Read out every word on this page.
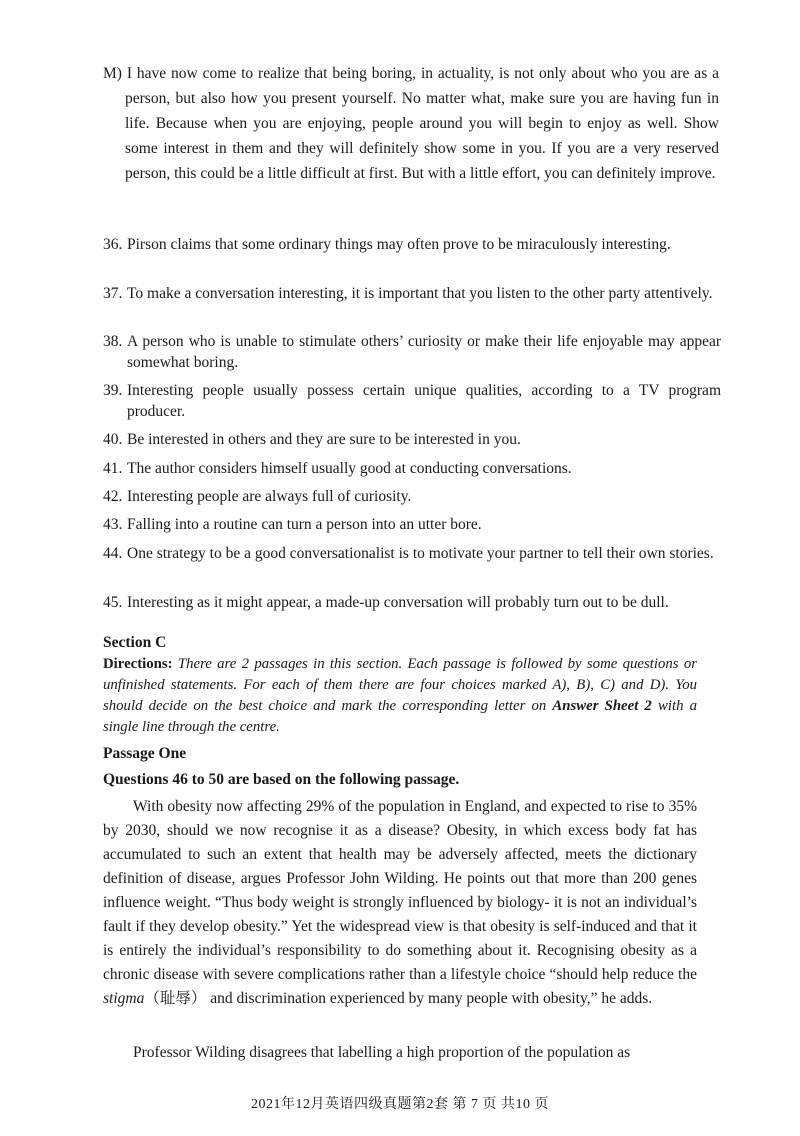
M) I have now come to realize that being boring, in actuality, is not only about who you are as a person, but also how you present yourself. No matter what, make sure you are having fun in life. Because when you are enjoying, people around you will begin to enjoy as well. Show some interest in them and they will definitely show some in you. If you are a very reserved person, this could be a little difficult at first. But with a little effort, you can definitely improve.
36. Pirson claims that some ordinary things may often prove to be miraculously interesting.
37. To make a conversation interesting, it is important that you listen to the other party attentively.
38. A person who is unable to stimulate others’ curiosity or make their life enjoyable may appear somewhat boring.
39. Interesting people usually possess certain unique qualities, according to a TV program producer.
40. Be interested in others and they are sure to be interested in you.
41. The author considers himself usually good at conducting conversations.
42. Interesting people are always full of curiosity.
43. Falling into a routine can turn a person into an utter bore.
44. One strategy to be a good conversationalist is to motivate your partner to tell their own stories.
45. Interesting as it might appear, a made-up conversation will probably turn out to be dull.
Section C
Directions: There are 2 passages in this section. Each passage is followed by some questions or unfinished statements. For each of them there are four choices marked A), B), C) and D). You should decide on the best choice and mark the corresponding letter on Answer Sheet 2 with a single line through the centre.
Passage One
Questions 46 to 50 are based on the following passage.
With obesity now affecting 29% of the population in England, and expected to rise to 35% by 2030, should we now recognise it as a disease? Obesity, in which excess body fat has accumulated to such an extent that health may be adversely affected, meets the dictionary definition of disease, argues Professor John Wilding. He points out that more than 200 genes influence weight. “Thus body weight is strongly influenced by biology- it is not an individual’s fault if they develop obesity.” Yet the widespread view is that obesity is self-induced and that it is entirely the individual’s responsibility to do something about it. Recognising obesity as a chronic disease with severe complications rather than a lifestyle choice “should help reduce the stigma（耻辱） and discrimination experienced by many people with obesity,” he adds.
Professor Wilding disagrees that labelling a high proportion of the population as
2021年12月英语四级真题第2套 第 7 页 共10 页
